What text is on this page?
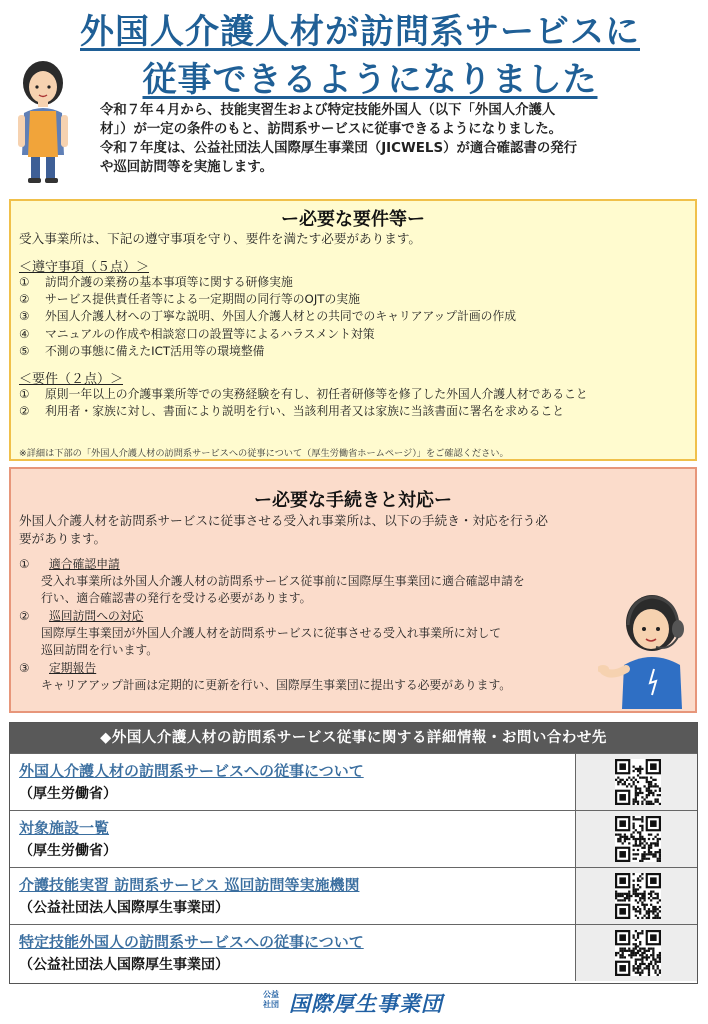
外国人介護人材が訪問系サービスに
従事できるようになりました
令和７年４月から、技能実習生および特定技能外国人（以下「外国人介護人
材」）が一定の条件のもと、訪問系サービスに従事できるようになりました。
令和７年度は、公益社団法人国際厚生事業団（JICWELS）が適合確認書の発行
や巡回訪問等を実施します。
ー必要な要件等ー
受入事業所は、下記の遵守事項を守り、要件を満たす必要があります。
＜遵守事項（５点）＞
①	訪問介護の業務の基本事項等に関する研修実施
②	サービス提供責任者等による一定期間の同行等のOJTの実施
③	外国人介護人材への丁寧な説明、外国人介護人材との共同でのキャリアアップ計画の作成
④	マニュアルの作成や相談窓口の設置等によるハラスメント対策
⑤	不測の事態に備えたICT活用等の環境整備
＜要件（２点）＞
①	原則一年以上の介護事業所等での実務経験を有し、初任者研修等を修了した外国人介護人材であること
②	利用者・家族に対し、書面により説明を行い、当該利用者又は家族に当該書面に署名を求めること
※詳細は下部の「外国人介護人材の訪問系サービスへの従事について（厚生労働省ホームページ）」をご確認ください。
ー必要な手続きと対応ー
外国人介護人材を訪問系サービスに従事させる受入れ事業所は、以下の手続き・対応を行う必
要があります。
① 適合確認申請
受入れ事業所は外国人介護人材の訪問系サービス従事前に国際厚生事業団に適合確認申請を
行い、適合確認書の発行を受ける必要があります。
② 巡回訪問への対応
国際厚生事業団が外国人介護人材を訪問系サービスに従事させる受入れ事業所に対して
巡回訪問を行います。
③ 定期報告
キャリアアップ計画は定期的に更新を行い、国際厚生事業団に提出する必要があります。
◆外国人介護人材の訪問系サービス従事に関する詳細情報・お問い合わせ先
外国人介護人材の訪問系サービスへの従事について
（厚生労働省）
対象施設一覧
（厚生労働省）
介護技能実習 訪問系サービス 巡回訪問等実施機関
（公益社団法人国際厚生事業団）
特定技能外国人の訪問系サービスへの従事について
（公益社団法人国際厚生事業団）
公益
社団 国際厚生事業団
